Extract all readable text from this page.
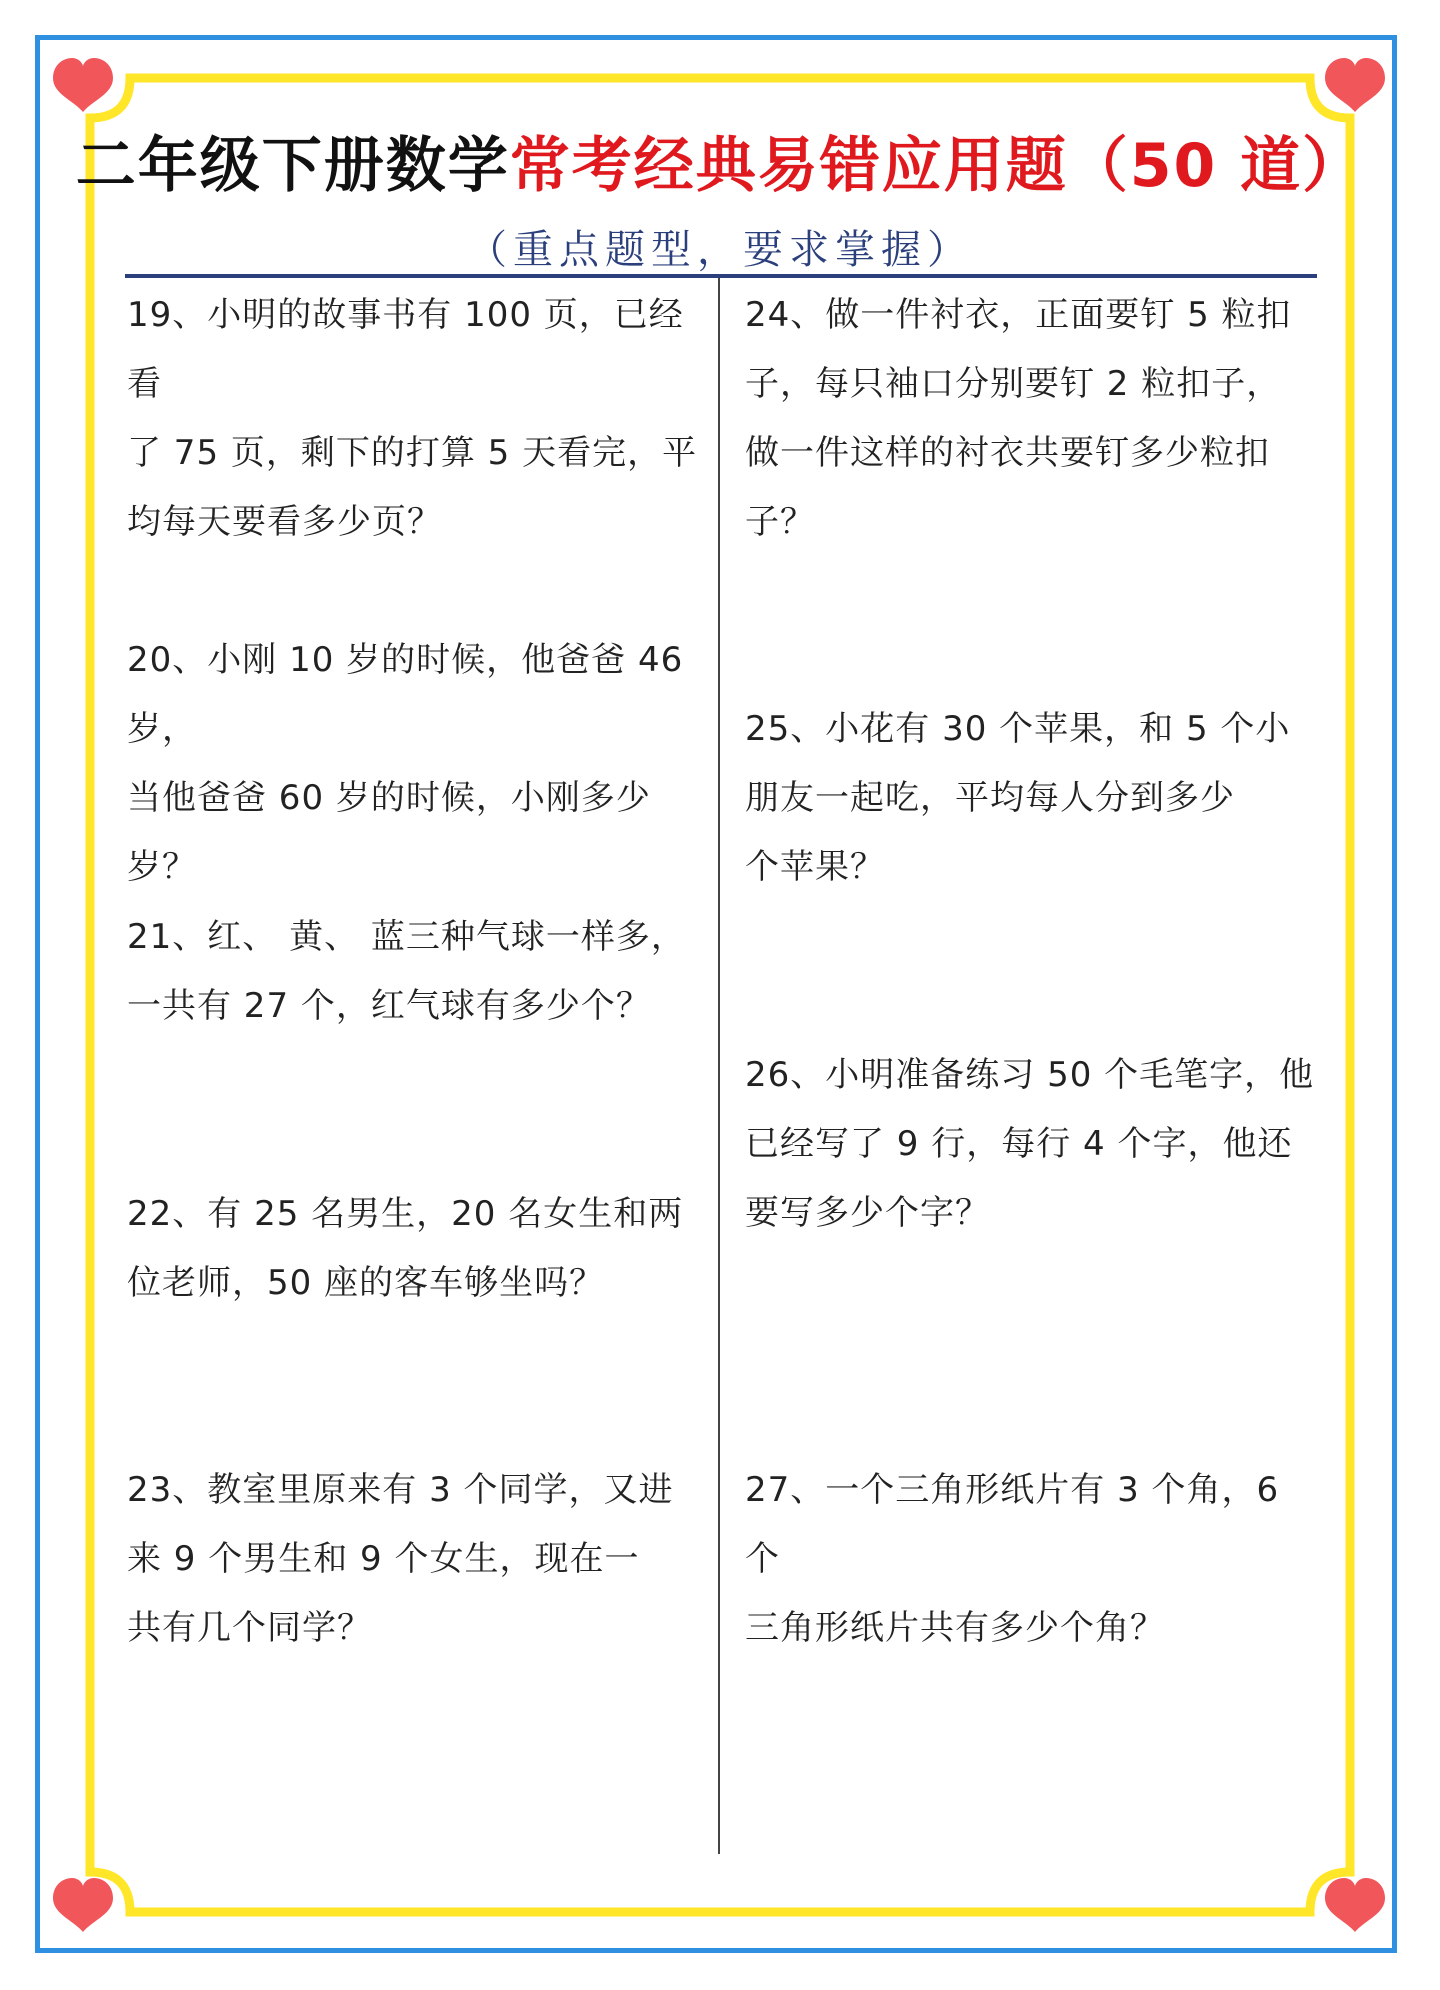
二年级下册数学常考经典易错应用题（50 道）
（重点题型，要求掌握）
19、小明的故事书有 100 页，已经看
了 75 页，剩下的打算 5 天看完，平
均每天要看多少页？
20、小刚 10 岁的时候，他爸爸 46 岁，
当他爸爸 60 岁的时候，小刚多少岁？
21、红、 黄、 蓝三种气球一样多，
一共有 27 个，红气球有多少个？
22、有 25 名男生，20 名女生和两
位老师，50 座的客车够坐吗？
23、教室里原来有 3 个同学，又进
来 9 个男生和 9 个女生，现在一
共有几个同学？
24、做一件衬衣，正面要钉 5 粒扣
子，每只袖口分别要钉 2 粒扣子，
做一件这样的衬衣共要钉多少粒扣
子？
25、小花有 30 个苹果，和 5 个小
朋友一起吃，平均每人分到多少
个苹果？
26、小明准备练习 50 个毛笔字，他
已经写了 9 行，每行 4 个字，他还
要写多少个字？
27、一个三角形纸片有 3 个角，6 个
三角形纸片共有多少个角？
